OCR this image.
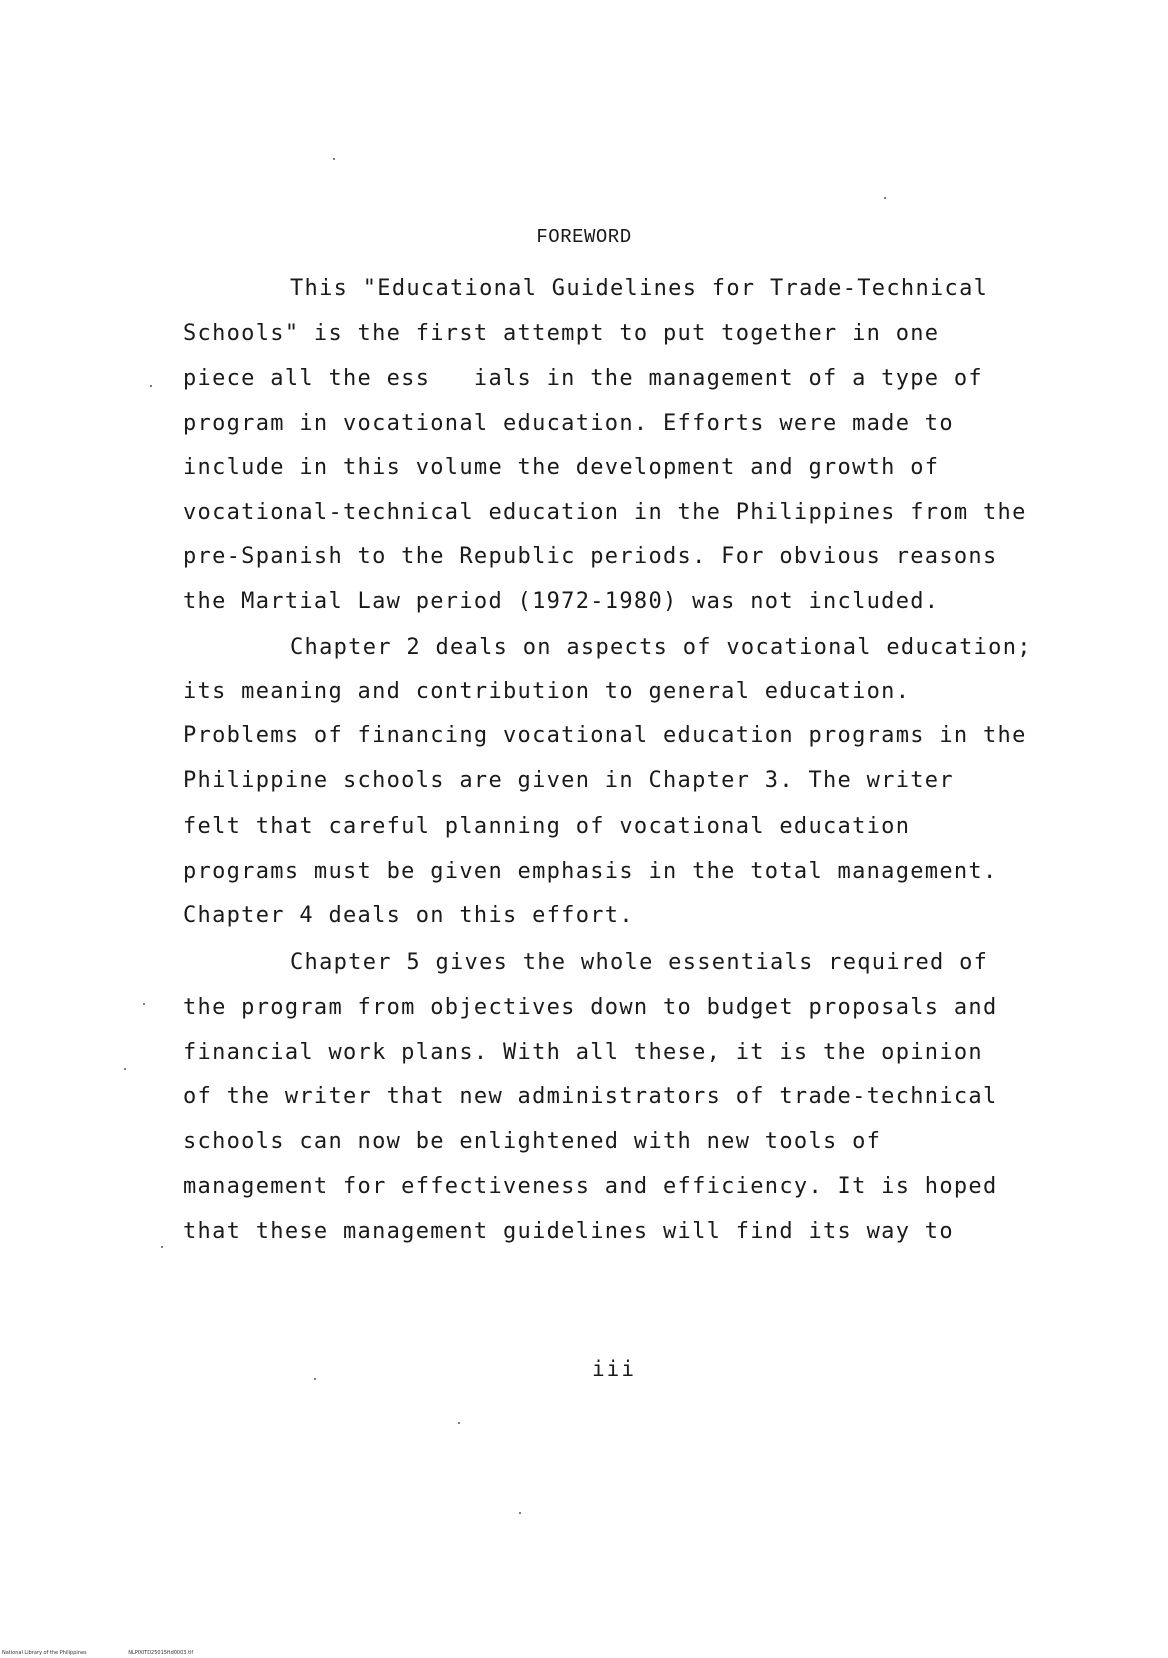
FOREWORD
This "Educational Guidelines for Trade-Technical
Schools" is the first attempt to put together in one
piece all the ess   ials in the management of a type of
program in vocational education. Efforts were made to
include in this volume the development and growth of
vocational-technical education in the Philippines from the
pre-Spanish to the Republic periods. For obvious reasons
the Martial Law period (1972-1980) was not included.
Chapter 2 deals on aspects of vocational education;
its meaning and contribution to general education.
Problems of financing vocational education programs in the
Philippine schools are given in Chapter 3. The writer
felt that careful planning of vocational education
programs must be given emphasis in the total management.
Chapter 4 deals on this effort.
Chapter 5 gives the whole essentials required of
the program from objectives down to budget proposals and
financial work plans. With all these, it is the opinion
of the writer that new administrators of trade-technical
schools can now be enlightened with new tools of
management for effectiveness and efficiency. It is hoped
that these management guidelines will find its way to
iii
National Library of the Philippines	NLP00TD25015ftd0003.tif
